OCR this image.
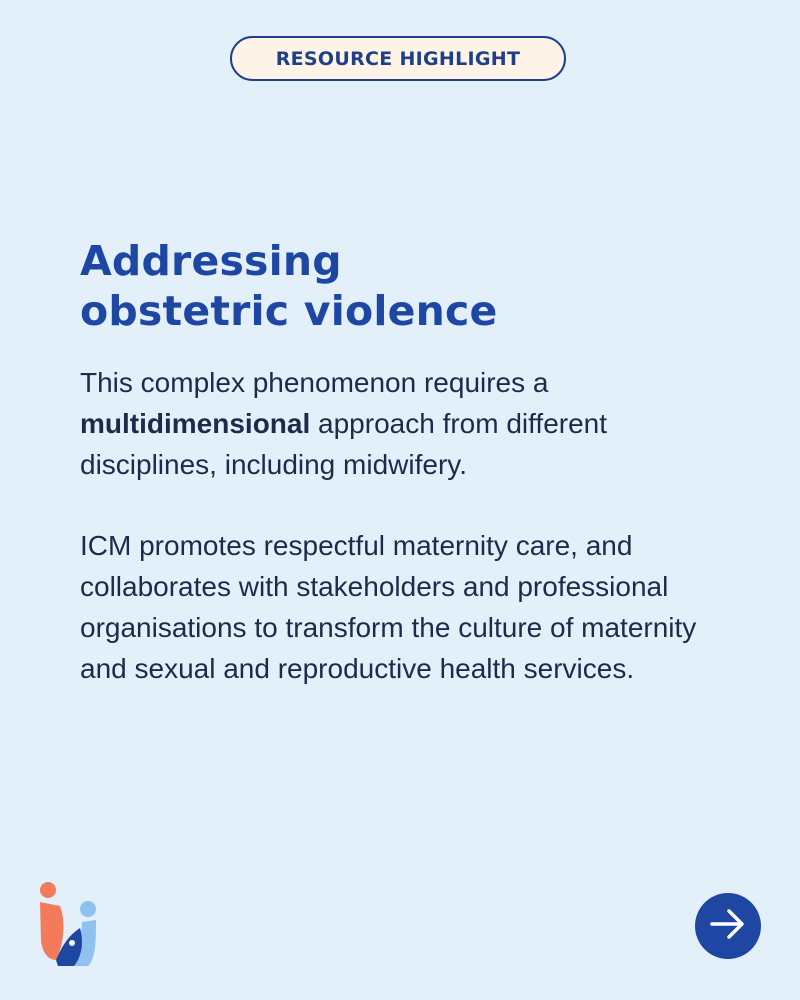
RESOURCE HIGHLIGHT
Addressing
obstetric violence

This complex phenomenon requires a multidimensional approach from different disciplines, including midwifery.

ICM promotes respectful maternity care, and collaborates with stakeholders and professional organisations to transform the culture of maternity and sexual and reproductive health services.
